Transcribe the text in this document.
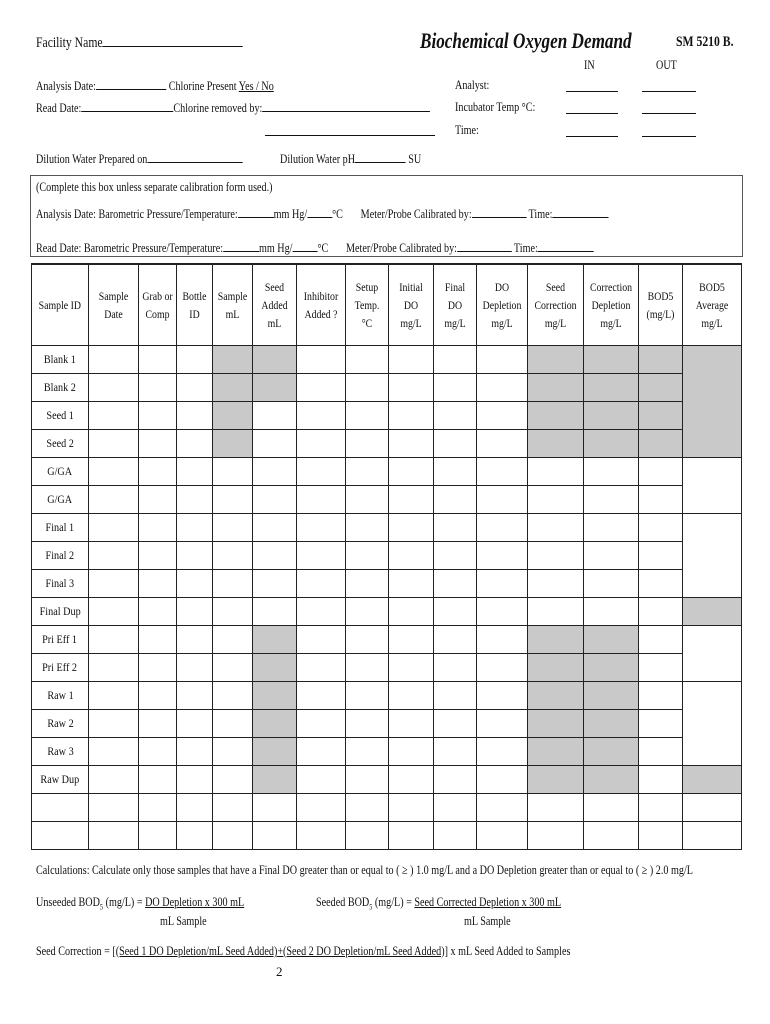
Facility Name	Biochemical Oxygen Demand	SM 5210 B.
IN	OUT
Analysis Date:	Chlorine Present Yes / No
Read Date:	Chlorine removed by:
Analyst:
Incubator Temp °C:
Time:
Dilution Water Prepared on	Dilution Water pH	SU
(Complete this box unless separate calibration form used.)
Analysis Date: Barometric Pressure/Temperature:	mm Hg/ °C Meter/Probe Calibrated by:	Time:
Read Date: Barometric Pressure/Temperature:	mm Hg/ °C Meter/Probe Calibrated by:	Time:
Sample ID	Sample Date	Grab or Comp	Bottle ID	Sample mL	Seed Added mL	Inhibitor Added ?	Setup Temp. °C	Initial DO mg/L	Final DO mg/L	DO Depletion mg/L	Seed Correction mg/L	Correction Depletion mg/L	BOD5 (mg/L)	BOD5 Average mg/L
Blank 1														
Blank 2														
Seed 1														
Seed 2														
G/GA														
G/GA														
Final 1														
Final 2														
Final 3														
Final Dup														
Pri Eff 1														
Pri Eff 2														
Raw 1														
Raw 2														
Raw 3														
Raw Dup														

Calculations: Calculate only those samples that have a Final DO greater than or equal to ( ≥ ) 1.0 mg/L and a DO Depletion greater than or equal to ( ≥ ) 2.0 mg/L
Unseeded $BOD_5$ (mg/L) = DO Depletion x 300 mL
mL Sample
Seeded $BOD_5$ (mg/L) = Seed Corrected Depletion x 300 mL
mL Sample
Seed Correction = [(Seed 1 DO Depletion/mL Seed Added)+(Seed 2 DO Depletion/mL Seed Added)] x mL Seed Added to Samples
2
